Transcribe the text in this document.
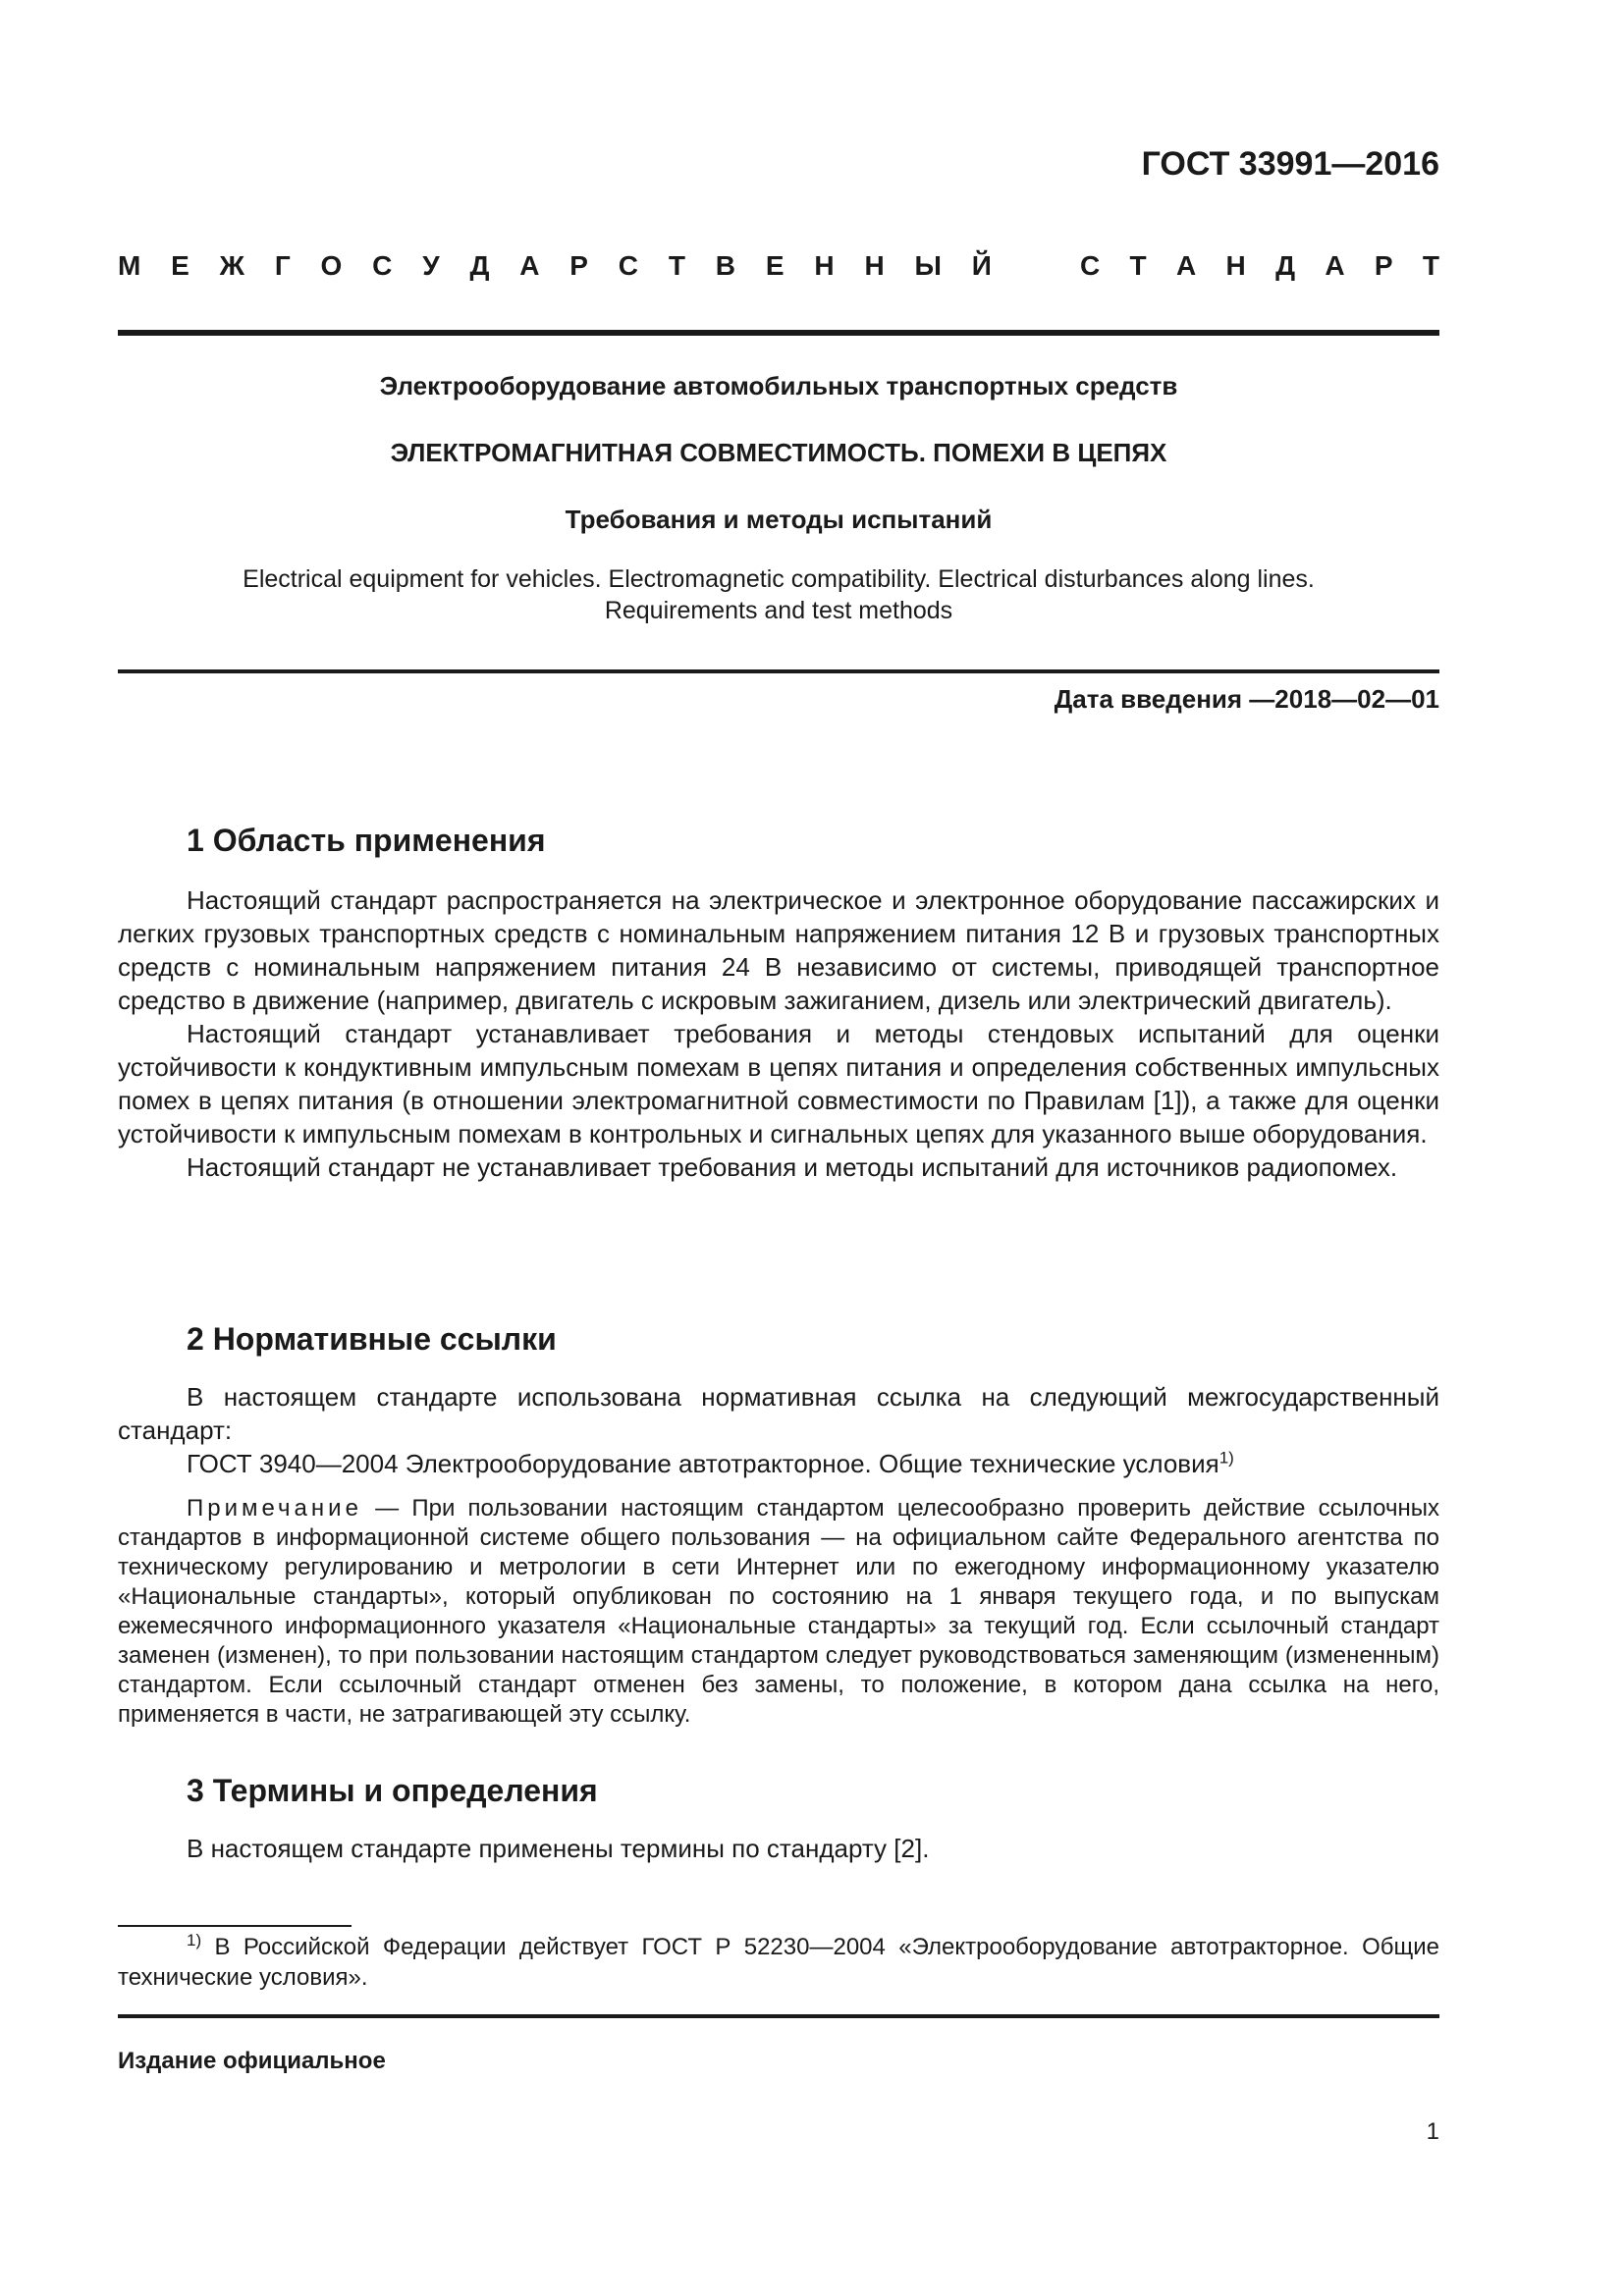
ГОСТ 33991—2016
М Е Ж Г О С У Д А Р С Т В Е Н Н Ы Й	С Т А Н Д А Р Т
Электрооборудование автомобильных транспортных средств
ЭЛЕКТРОМАГНИТНАЯ СОВМЕСТИМОСТЬ. ПОМЕХИ В ЦЕПЯХ
Требования и методы испытаний
Electrical equipment for vehicles. Electromagnetic compatibility. Electrical disturbances along lines.
Requirements and test methods
Дата введения —2018—02—01
1 Область применения

Настоящий стандарт распространяется на электрическое и электронное оборудование пассажирских и легких грузовых транспортных средств с номинальным напряжением питания 12 В и грузовых транспортных средств с номинальным напряжением питания 24 В независимо от системы, приводящей транспортное средство в движение (например, двигатель с искровым зажиганием, дизель или электрический двигатель).

Настоящий стандарт устанавливает требования и методы стендовых испытаний для оценки устойчивости к кондуктивным импульсным помехам в цепях питания и определения собственных импульсных помех в цепях питания (в отношении электромагнитной совместимости по Правилам [1]), а также для оценки устойчивости к импульсным помехам в контрольных и сигнальных цепях для указанного выше оборудования.

Настоящий стандарт не устанавливает требования и методы испытаний для источников радиопомех.

2 Нормативные ссылки

В настоящем стандарте использована нормативная ссылка на следующий межгосударственный стандарт:

ГОСТ 3940—2004 Электрооборудование автотракторное. Общие технические условия$^{1)}$

Примечание — При пользовании настоящим стандартом целесообразно проверить действие ссылочных стандартов в информационной системе общего пользования — на официальном сайте Федерального агентства по техническому регулированию и метрологии в сети Интернет или по ежегодному информационному указателю «Национальные стандарты», который опубликован по состоянию на 1 января текущего года, и по выпускам ежемесячного информационного указателя «Национальные стандарты» за текущий год. Если ссылочный стандарт заменен (изменен), то при пользовании настоящим стандартом следует руководствоваться заменяющим (измененным) стандартом. Если ссылочный стандарт отменен без замены, то положение, в котором дана ссылка на него, применяется в части, не затрагивающей эту ссылку.

3 Термины и определения

В настоящем стандарте применены термины по стандарту [2].

$^{1)}$ В Российской Федерации действует ГОСТ Р 52230—2004 «Электрооборудование автотракторное. Общие технические условия».

Издание официальное
1
